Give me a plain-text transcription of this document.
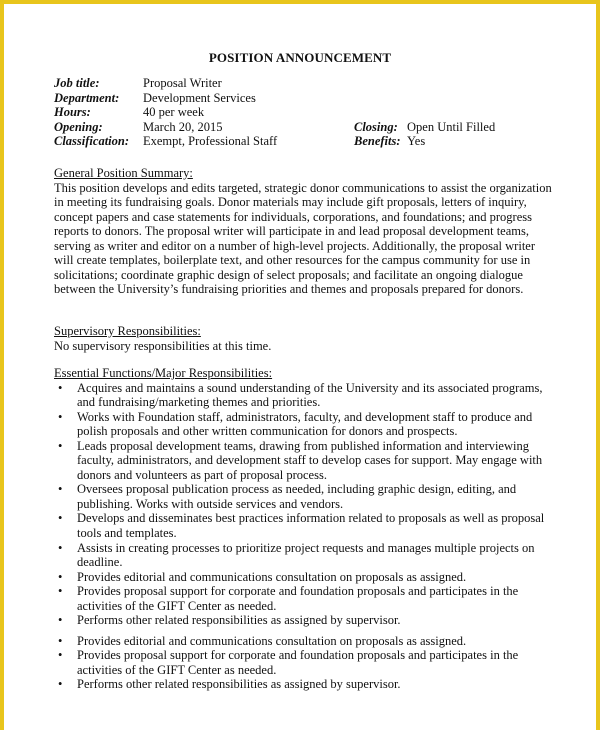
POSITION ANNOUNCEMENT
Job title:	Proposal Writer
Department: Development Services
Hours:	40 per week
Opening:	March 20, 2015	Closing: Open Until Filled
Classification: Exempt, Professional Staff	Benefits: Yes

General Position Summary:

This position develops and edits targeted, strategic donor communications to assist the organization in meeting its fundraising goals. Donor materials may include gift proposals, letters of inquiry, concept papers and case statements for individuals, corporations, and foundations; and progress reports to donors. The proposal writer will participate in and lead proposal development teams, serving as writer and editor on a number of high-level projects. Additionally, the proposal writer will create templates, boilerplate text, and other resources for the campus community for use in solicitations; coordinate graphic design of select proposals; and facilitate an ongoing dialogue between the University’s fundraising priorities and themes and proposals prepared for donors.

Supervisory Responsibilities:

No supervisory responsibilities at this time.

Essential Functions/Major Responsibilities:

• Acquires and maintains a sound understanding of the University and its associated programs, and fundraising/marketing themes and priorities.
• Works with Foundation staff, administrators, faculty, and development staff to produce and polish proposals and other written communication for donors and prospects.
• Leads proposal development teams, drawing from published information and interviewing faculty, administrators, and development staff to develop cases for support. May engage with donors and volunteers as part of proposal process.
• Oversees proposal publication process as needed, including graphic design, editing, and publishing. Works with outside services and vendors.
• Develops and disseminates best practices information related to proposals as well as proposal tools and templates.
• Assists in creating processes to prioritize project requests and manages multiple projects on deadline.
• Provides editorial and communications consultation on proposals as assigned.
• Provides proposal support for corporate and foundation proposals and participates in the activities of the GIFT Center as needed.
• Performs other related responsibilities as assigned by supervisor.
• Provides editorial and communications consultation on proposals as assigned.
• Provides proposal support for corporate and foundation proposals and participates in the activities of the GIFT Center as needed.
• Performs other related responsibilities as assigned by supervisor.
